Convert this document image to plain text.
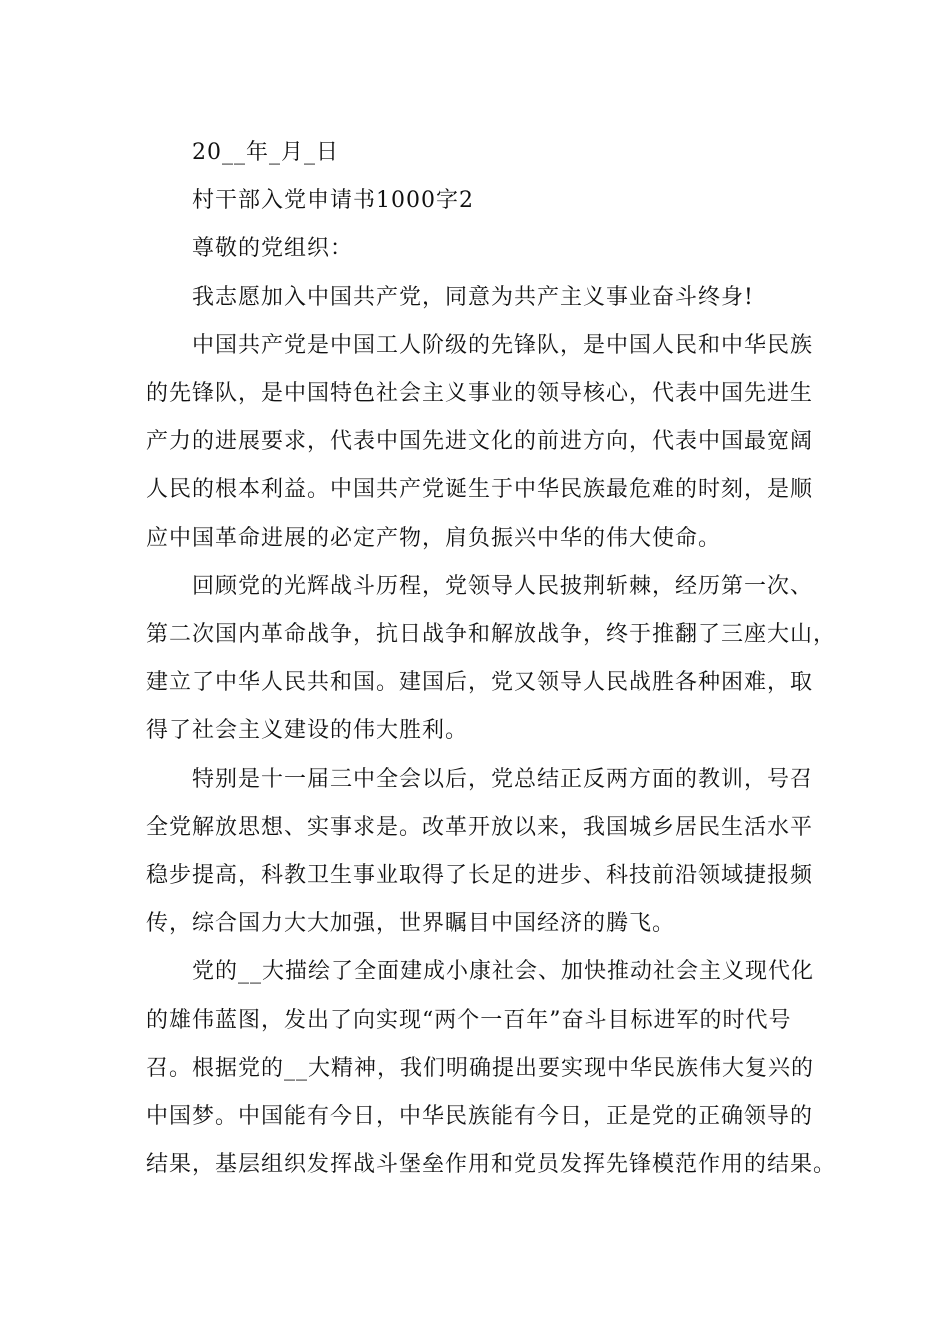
20__年_月_日
村干部入党申请书1000字2
尊敬的党组织：
我志愿加入中国共产党，同意为共产主义事业奋斗终身!
中国共产党是中国工人阶级的先锋队，是中国人民和中华民族
的先锋队，是中国特色社会主义事业的领导核心，代表中国先进生
产力的进展要求，代表中国先进文化的前进方向，代表中国最宽阔
人民的根本利益。中国共产党诞生于中华民族最危难的时刻，是顺
应中国革命进展的必定产物，肩负振兴中华的伟大使命。
回顾党的光辉战斗历程，党领导人民披荆斩棘，经历第一次、
第二次国内革命战争，抗日战争和解放战争，终于推翻了三座大山，
建立了中华人民共和国。建国后，党又领导人民战胜各种困难，取
得了社会主义建设的伟大胜利。
特别是十一届三中全会以后，党总结正反两方面的教训，号召
全党解放思想、实事求是。改革开放以来，我国城乡居民生活水平
稳步提高，科教卫生事业取得了长足的进步、科技前沿领域捷报频
传，综合国力大大加强，世界瞩目中国经济的腾飞。
党的__大描绘了全面建成小康社会、加快推动社会主义现代化
的雄伟蓝图，发出了向实现“两个一百年”奋斗目标进军的时代号
召。根据党的__大精神，我们明确提出要实现中华民族伟大复兴的
中国梦。中国能有今日，中华民族能有今日，正是党的正确领导的
结果，基层组织发挥战斗堡垒作用和党员发挥先锋模范作用的结果。
